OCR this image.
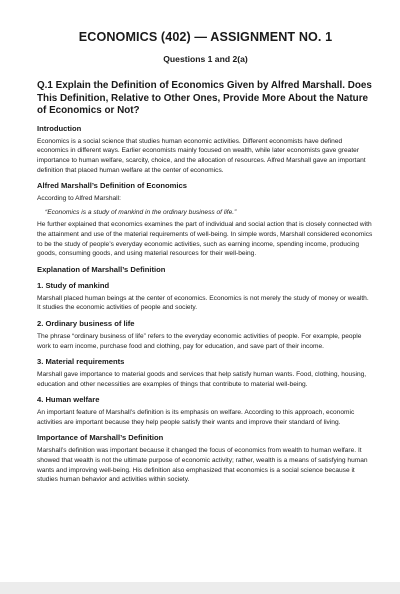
ECONOMICS (402) — ASSIGNMENT NO. 1
Questions 1 and 2(a)
Q.1 Explain the Definition of Economics Given by Alfred Marshall. Does This Definition, Relative to Other Ones, Provide More About the Nature of Economics or Not?
Introduction

Economics is a social science that studies human economic activities. Different economists have defined economics in different ways. Earlier economists mainly focused on wealth, while later economists gave greater importance to human welfare, scarcity, choice, and the allocation of resources. Alfred Marshall gave an important definition that placed human welfare at the center of economics.

Alfred Marshall’s Definition of Economics

According to Alfred Marshall:

“Economics is a study of mankind in the ordinary business of life.”

He further explained that economics examines the part of individual and social action that is closely connected with the attainment and use of the material requirements of well-being. In simple words, Marshall considered economics to be the study of people’s everyday economic activities, such as earning income, spending income, producing goods, consuming goods, and using material resources for their well-being.

Explanation of Marshall’s Definition
1. Study of mankind

Marshall placed human beings at the center of economics. Economics is not merely the study of money or wealth. It studies the economic activities of people and society.

2. Ordinary business of life

The phrase “ordinary business of life” refers to the everyday economic activities of people. For example, people work to earn income, purchase food and clothing, pay for education, and save part of their income.

3. Material requirements

Marshall gave importance to material goods and services that help satisfy human wants. Food, clothing, housing, education and other necessities are examples of things that contribute to material well-being.

4. Human welfare

An important feature of Marshall’s definition is its emphasis on welfare. According to this approach, economic activities are important because they help people satisfy their wants and improve their standard of living.

Importance of Marshall’s Definition

Marshall’s definition was important because it changed the focus of economics from wealth to human welfare. It showed that wealth is not the ultimate purpose of economic activity; rather, wealth is a means of satisfying human wants and improving well-being. His definition also emphasized that economics is a social science because it studies human behavior and activities within society.
